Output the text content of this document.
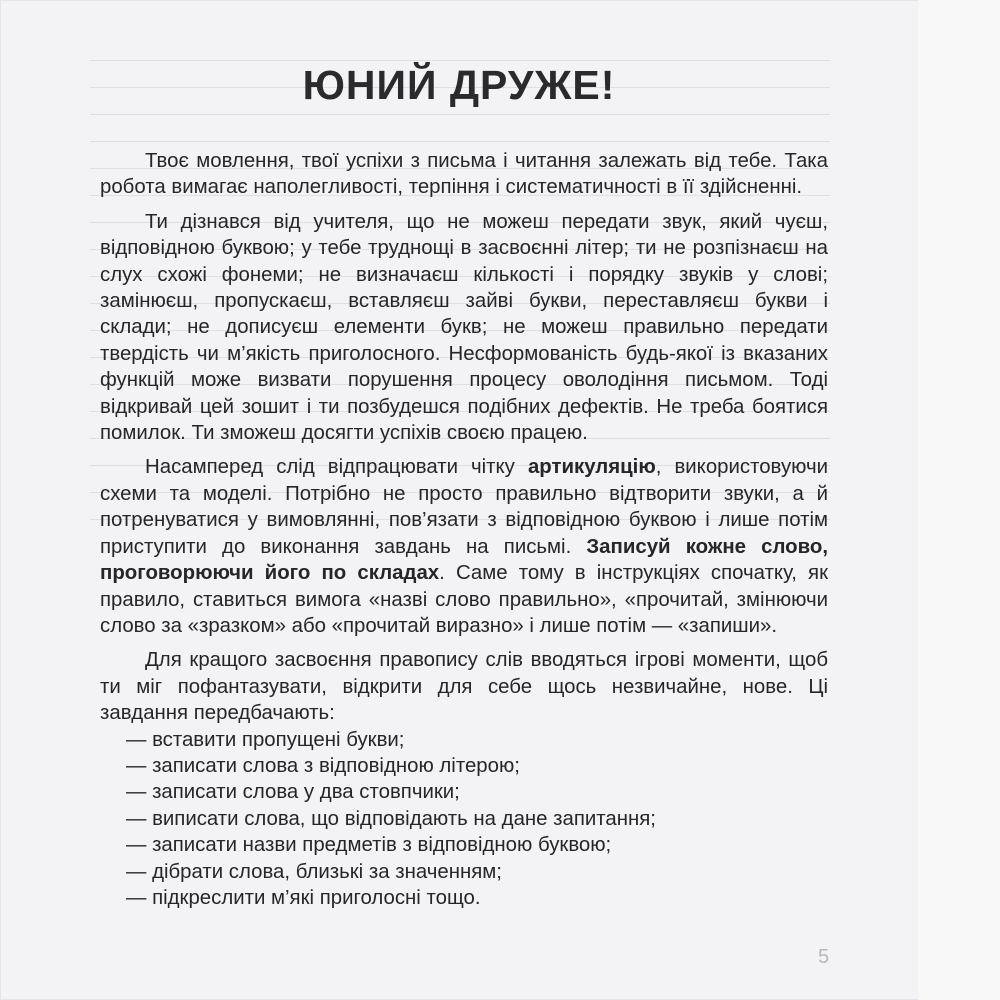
ЮНИЙ ДРУЖЕ!

Твоє мовлення, твої успіхи з письма і читання залежать від тебе. Така робота вимагає наполегливості, терпіння і систематичності в її здійсненні.

Ти дізнався від учителя, що не можеш передати звук, який чуєш, відповідною буквою; у тебе труднощі в засвоєнні літер; ти не розпізнаєш на слух схожі фонеми; не визначаєш кількості і порядку звуків у слові; замінюєш, пропускаєш, вставляєш зайві букви, переставляєш букви і склади; не дописуєш елементи букв; не можеш правильно передати твердість чи м’якість приголосного. Несформованість будь-якої із вказаних функцій може визвати порушення процесу оволодіння письмом. Тоді відкривай цей зошит і ти позбудешся подібних дефектів. Не треба боятися помилок. Ти зможеш досягти успіхів своєю працею.

Насамперед слід відпрацювати чітку артикуляцію, використовуючи схеми та моделі. Потрібно не просто правильно відтворити звуки, а й потренуватися у вимовлянні, пов’язати з відповідною буквою і лише потім приступити до виконання завдань на письмі. Записуй кожне слово, проговорюючи його по складах. Саме тому в інструкціях спочатку, як правило, ставиться вимога «назві слово правильно», «прочитай, змінюючи слово за «зразком» або «прочитай виразно» і лише потім — «запиши».

Для кращого засвоєння правопису слів вводяться ігрові моменти, щоб ти міг пофантазувати, відкрити для себе щось незвичайне, нове. Ці завдання передбачають:

— вставити пропущені букви;
— записати слова з відповідною літерою;
— записати слова у два стовпчики;
— виписати слова, що відповідають на дане запитання;
— записати назви предметів з відповідною буквою;
— дібрати слова, близькі за значенням;
— підкреслити м’які приголосні тощо.
5
